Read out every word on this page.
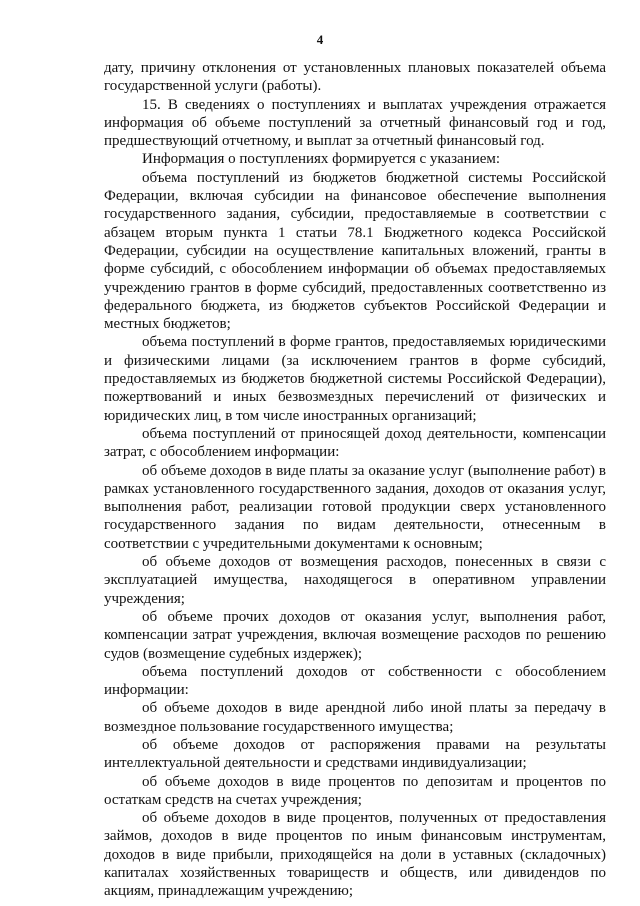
4

дату, причину отклонения от установленных плановых показателей объема государственной услуги (работы).

15. В сведениях о поступлениях и выплатах учреждения отражается информация об объеме поступлений за отчетный финансовый год и год, предшествующий отчетному, и выплат за отчетный финансовый год.

Информация о поступлениях формируется с указанием:

объема поступлений из бюджетов бюджетной системы Российской Федерации, включая субсидии на финансовое обеспечение выполнения государственного задания, субсидии, предоставляемые в соответствии с абзацем вторым пункта 1 статьи 78.1 Бюджетного кодекса Российской Федерации, субсидии на осуществление капитальных вложений, гранты в форме субсидий, с обособлением информации об объемах предоставляемых учреждению грантов в форме субсидий, предоставленных соответственно из федерального бюджета, из бюджетов субъектов Российской Федерации и местных бюджетов;

объема поступлений в форме грантов, предоставляемых юридическими и физическими лицами (за исключением грантов в форме субсидий, предоставляемых из бюджетов бюджетной системы Российской Федерации), пожертвований и иных безвозмездных перечислений от физических и юридических лиц, в том числе иностранных организаций;

объема поступлений от приносящей доход деятельности, компенсации затрат, с обособлением информации:

об объеме доходов в виде платы за оказание услуг (выполнение работ) в рамках установленного государственного задания, доходов от оказания услуг, выполнения работ, реализации готовой продукции сверх установленного государственного задания по видам деятельности, отнесенным в соответствии с учредительными документами к основным;

об объеме доходов от возмещения расходов, понесенных в связи с эксплуатацией имущества, находящегося в оперативном управлении учреждения;

об объеме прочих доходов от оказания услуг, выполнения работ, компенсации затрат учреждения, включая возмещение расходов по решению судов (возмещение судебных издержек);

объема поступлений доходов от собственности с обособлением информации:

об объеме доходов в виде арендной либо иной платы за передачу в возмездное пользование государственного имущества;

об объеме доходов от распоряжения правами на результаты интеллектуальной деятельности и средствами индивидуализации;

об объеме доходов в виде процентов по депозитам и процентов по остаткам средств на счетах учреждения;

об объеме доходов в виде процентов, полученных от предоставления займов, доходов в виде процентов по иным финансовым инструментам, доходов в виде прибыли, приходящейся на доли в уставных (складочных) капиталах хозяйственных товариществ и обществ, или дивидендов по акциям, принадлежащим учреждению;
